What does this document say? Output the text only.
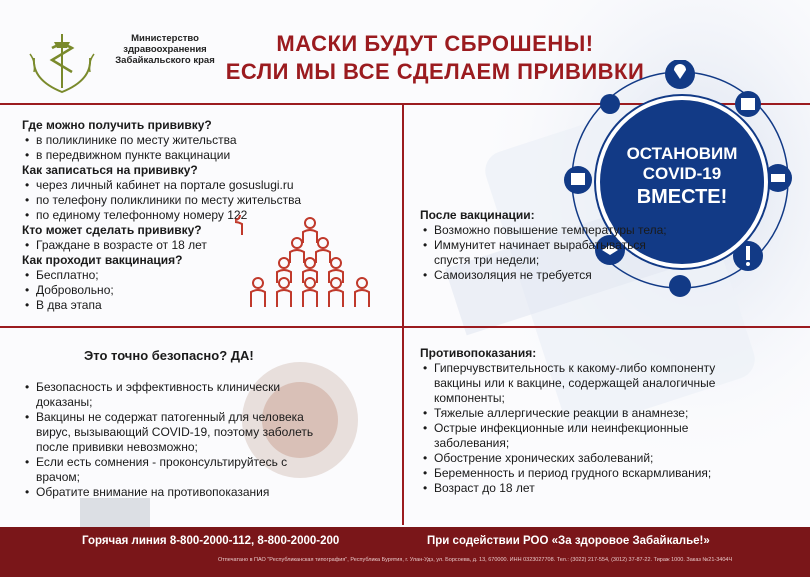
Министерство здравоохранения Забайкальского края
МАСКИ БУДУТ СБРОШЕНЫ!
ЕСЛИ МЫ ВСЕ СДЕЛАЕМ ПРИВИВКИ
Где можно получить прививку?
• в поликлинике по месту жительства
• в передвижном пункте вакцинации
Как записаться на прививку?
• через личный кабинет на портале gosuslugi.ru
• по телефону поликлиники по месту жительства
• по единому телефонному номеру 122
Кто может сделать прививку?
• Граждане в возрасте от 18 лет
Как проходит вакцинация?
• Бесплатно;
• Добровольно;
• В два этапа
ОСТАНОВИМ
COVID-19
ВМЕСТЕ!
После вакцинации:
• Возможно повышение температуры тела;
• Иммунитет начинает вырабатываться спустя три недели;
• Самоизоляция не требуется
Это точно безопасно? ДА!
• Безопасность и эффективность клинически доказаны;
• Вакцины не содержат патогенный для человека вирус, вызывающий COVID-19, поэтому заболеть после прививки невозможно;
• Если есть сомнения - проконсультируйтесь с врачом;
• Обратите внимание на противопоказания
Противопоказания:
• Гиперчувствительность к какому-либо компоненту вакцины или к вакцине, содержащей аналогичные компоненты;
• Тяжелые аллергические реакции в анамнезе;
• Острые инфекционные или неинфекционные заболевания;
• Обострение хронических заболеваний;
• Беременность и период грудного вскармливания;
• Возраст до 18 лет
Горячая линия 8-800-2000-112, 8-800-2000-200	При содействии РОО «За здоровое Забайкалье!»
Отпечатано в ПАО "Республиканская типография", Республика Бурятия, г. Улан-Удэ, ул. Борсоева, д. 13, 670000. ИНН 0323027708. Тел.: (3022) 217-554, (3012) 37-87-22. Тираж 1000. Заказ №21-3404Ч
